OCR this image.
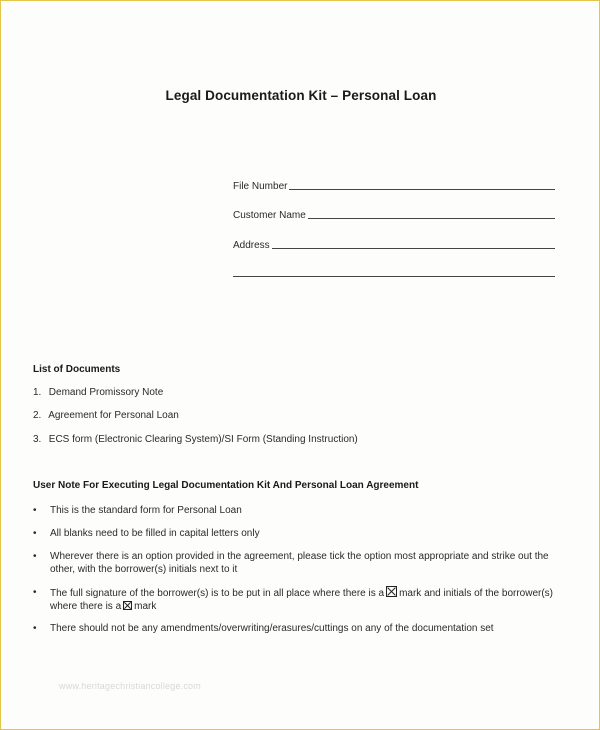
Legal Documentation Kit – Personal Loan
File Number
Customer Name
Address
List of Documents
1. Demand Promissory Note
2. Agreement for Personal Loan
3. ECS form (Electronic Clearing System)/SI Form (Standing Instruction)
User Note For Executing Legal Documentation Kit And Personal Loan Agreement
• This is the standard form for Personal Loan
• All blanks need to be filled in capital letters only
• Wherever there is an option provided in the agreement, please tick the option most appropriate and strike out the other, with the borrower(s) initials next to it
• The full signature of the borrower(s) is to be put in all place where there is a ☒ mark and initials of the borrower(s) where there is a ☒ mark
• There should not be any amendments/overwriting/erasures/cuttings on any of the documentation set
www.heritagechristiancollege.com
